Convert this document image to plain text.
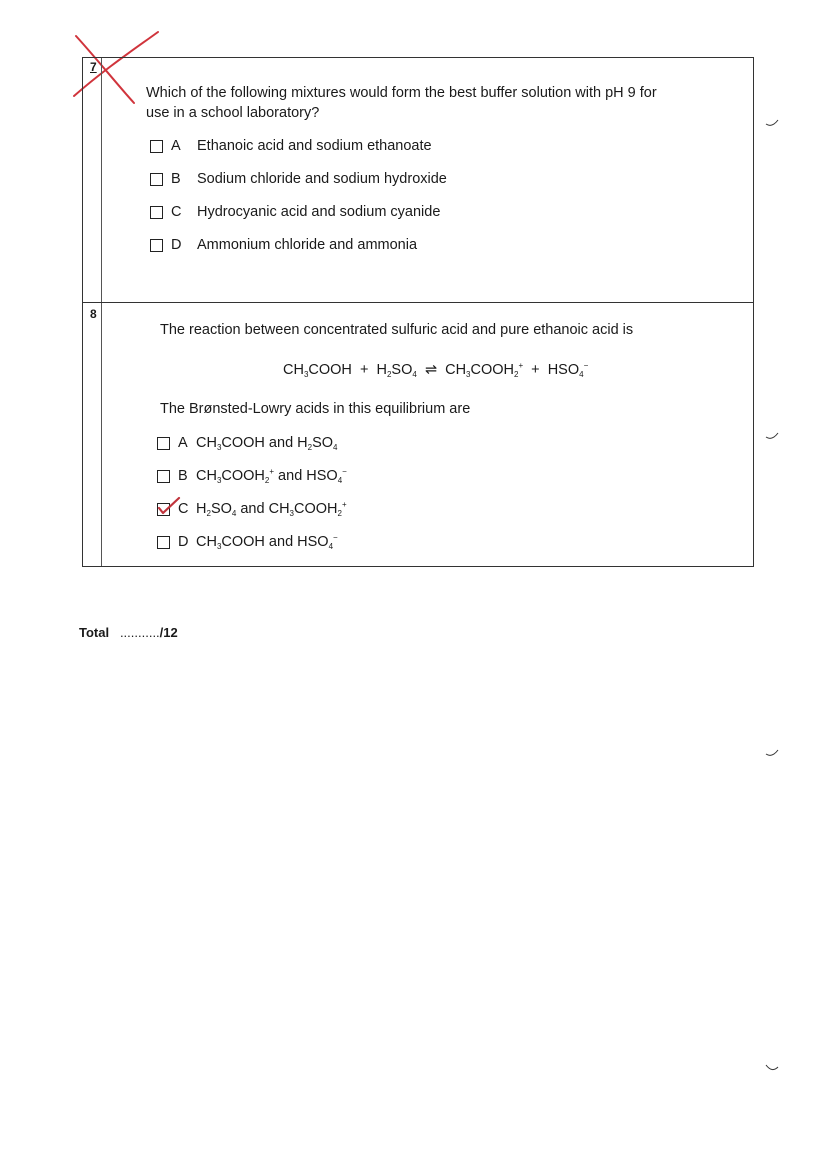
7
Which of the following mixtures would form the best buffer solution with pH 9 for
use in a school laboratory?
A	Ethanoic acid and sodium ethanoate
B	Sodium chloride and sodium hydroxide
C	Hydrocyanic acid and sodium cyanide
D	Ammonium chloride and ammonia
8
The reaction between concentrated sulfuric acid and pure ethanoic acid is
$CH_3COOH + H_2SO_4$  ⇌  $CH_3COOH_2^+ + HSO_4^-$
The Brønsted-Lowry acids in this equilibrium are
A $CH_3COOH$ and $H_2SO_4$
B $CH_3COOH_2^+$ and $HSO_4^-$
C $H_2SO_4$ and $CH_3COOH_2^+$
D $CH_3COOH$ and $HSO_4^-$
Total .........../12
